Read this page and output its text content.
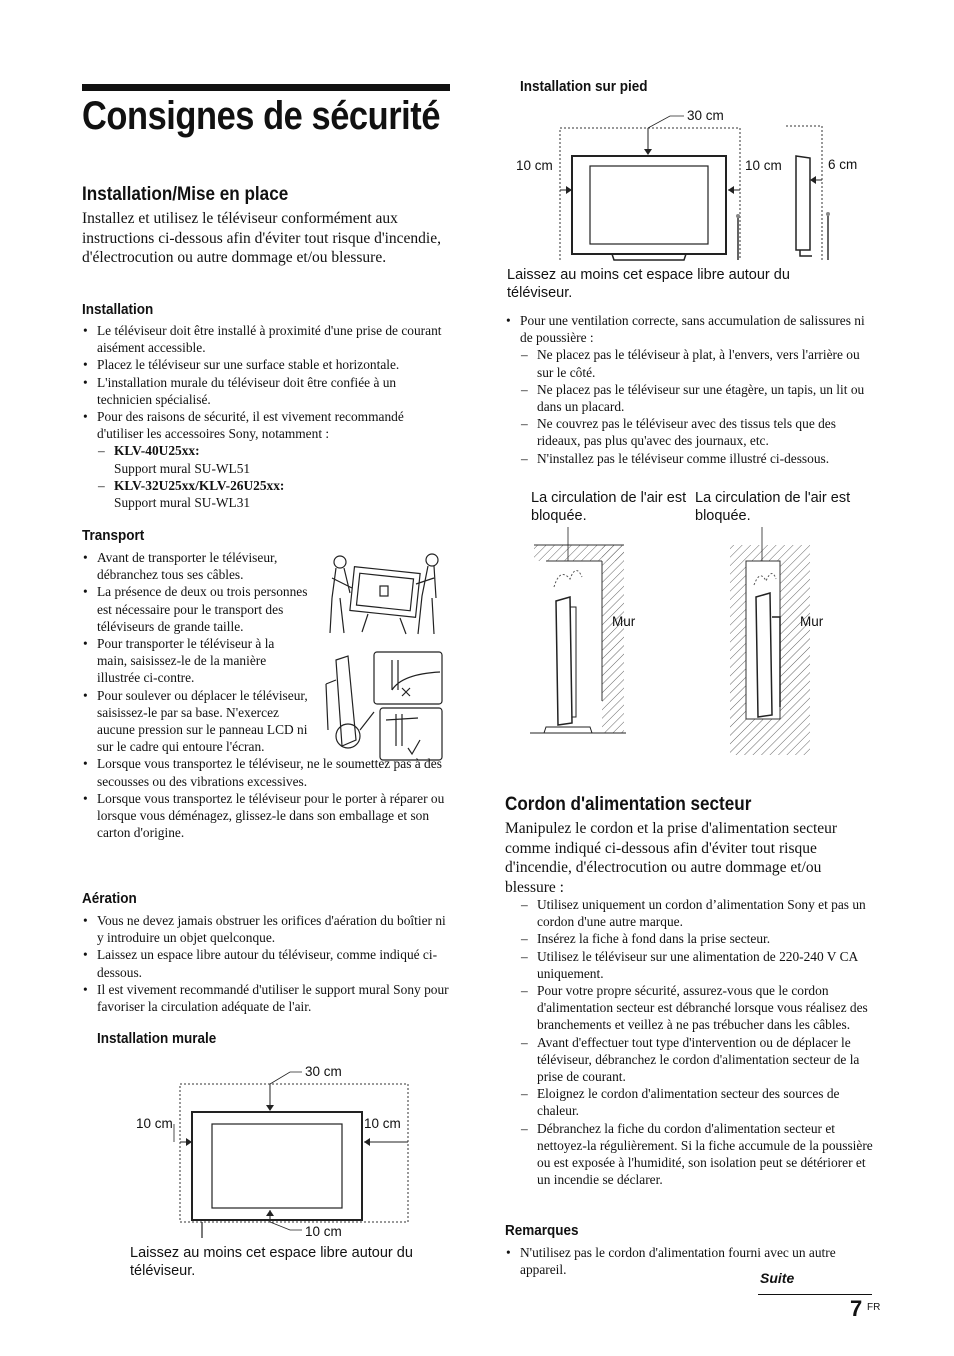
Consignes de sécurité
Installation/Mise en place
Installez et utilisez le téléviseur conformément aux instructions ci-dessous afin d'éviter tout risque d'incendie, d'électrocution ou autre dommage et/ou blessure.
Installation
• Le téléviseur doit être installé à proximité d'une prise de courant aisément accessible.
• Placez le téléviseur sur une surface stable et horizontale.
• L'installation murale du téléviseur doit être confiée à un technicien spécialisé.
• Pour des raisons de sécurité, il est vivement recommandé d'utiliser les accessoires Sony, notamment :
– KLV-40U25xx:
Support mural SU-WL51
– KLV-32U25xx/KLV-26U25xx:
Support mural SU-WL31
Transport
• Avant de transporter le téléviseur, débranchez tous ses câbles.
• La présence de deux ou trois personnes est nécessaire pour le transport des téléviseurs de grande taille.
• Pour transporter le téléviseur à la main, saisissez-le de la manière illustrée ci-contre.
• Pour soulever ou déplacer le téléviseur, saisissez-le par sa base. N'exercez aucune pression sur le panneau LCD ni sur le cadre qui entoure l'écran.
• Lorsque vous transportez le téléviseur, ne le soumettez pas à des secousses ou des vibrations excessives.
• Lorsque vous transportez le téléviseur pour le porter à réparer ou lorsque vous déménagez, glissez-le dans son emballage et son carton d'origine.
Aération
• Vous ne devez jamais obstruer les orifices d'aération du boîtier ni y introduire un objet quelconque.
• Laissez un espace libre autour du téléviseur, comme indiqué ci-dessous.
• Il est vivement recommandé d'utiliser le support mural Sony pour favoriser la circulation adéquate de l'air.
Installation murale
30 cm
10 cm	10 cm
10 cm
Laissez au moins cet espace libre autour du téléviseur.
Installation sur pied
30 cm
10 cm	10 cm	6 cm
Laissez au moins cet espace libre autour du téléviseur.
• Pour une ventilation correcte, sans accumulation de salissures ni de poussière :
– Ne placez pas le téléviseur à plat, à l'envers, vers l'arrière ou sur le côté.
– Ne placez pas le téléviseur sur une étagère, un tapis, un lit ou dans un placard.
– Ne couvrez pas le téléviseur avec des tissus tels que des rideaux, pas plus qu'avec des journaux, etc.
– N'installez pas le téléviseur comme illustré ci-dessous.
La circulation de l'air est bloquée.
La circulation de l'air est bloquée.
Mur	Mur
Cordon d'alimentation secteur
Manipulez le cordon et la prise d'alimentation secteur comme indiqué ci-dessous afin d'éviter tout risque d'incendie, d'électrocution ou autre dommage et/ou blessure :
– Utilisez uniquement un cordon d’alimentation Sony et pas un cordon d'une autre marque.
– Insérez la fiche à fond dans la prise secteur.
– Utilisez le téléviseur sur une alimentation de 220-240 V CA uniquement.
– Pour votre propre sécurité, assurez-vous que le cordon d'alimentation secteur est débranché lorsque vous réalisez des branchements et veillez à ne pas trébucher dans les câbles.
– Avant d'effectuer tout type d'intervention ou de déplacer le téléviseur, débranchez le cordon d'alimentation secteur de la prise de courant.
– Eloignez le cordon d'alimentation secteur des sources de chaleur.
– Débranchez la fiche du cordon d'alimentation secteur et nettoyez-la régulièrement. Si la fiche accumule de la poussière ou est exposée à l'humidité, son isolation peut se détériorer et un incendie se déclarer.
Remarques
• N'utilisez pas le cordon d'alimentation fourni avec un autre appareil.
Suite
7 FR
